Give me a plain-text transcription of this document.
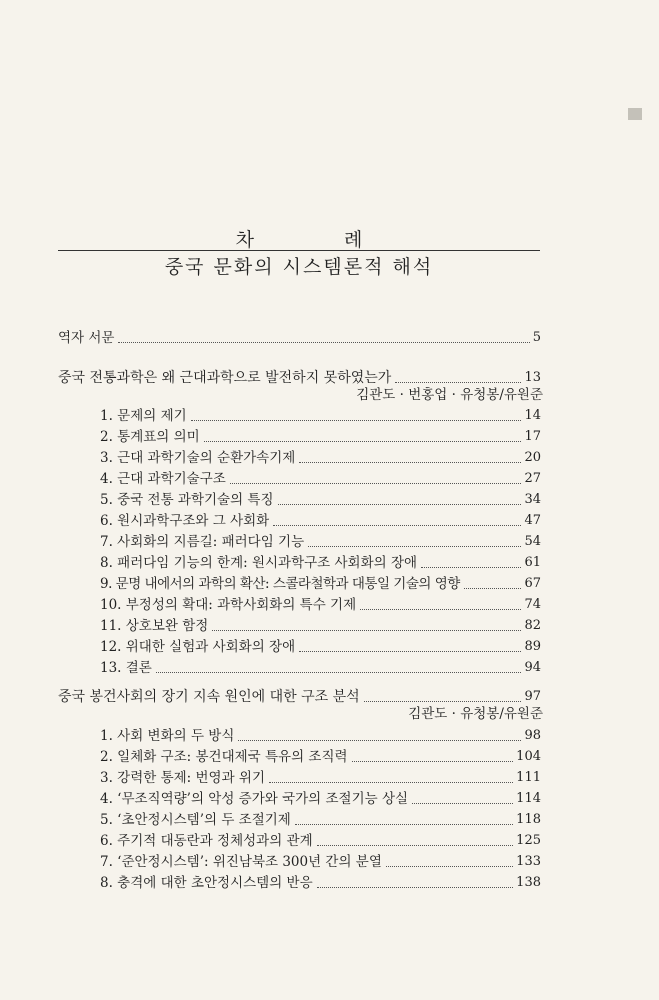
차 례
중국 문화의 시스템론적 해석
역자 서문	5
중국 전통과학은 왜 근대과학으로 발전하지 못하였는가	13
김관도 · 번홍업 · 유청봉/유원준
1. 문제의 제기	14
2. 통계표의 의미	17
3. 근대 과학기술의 순환가속기제	20
4. 근대 과학기술구조	27
5. 중국 전통 과학기술의 특징	34
6. 원시과학구조와 그 사회화	47
7. 사회화의 지름길: 패러다임 기능	54
8. 패러다임 기능의 한계: 원시과학구조 사회화의 장애	61
9. 문명 내에서의 과학의 확산: 스콜라철학과 대통일 기술의 영향	67
10. 부정성의 확대: 과학사회화의 특수 기제	74
11. 상호보완 함정	82
12. 위대한 실험과 사회화의 장애	89
13. 결론	94
중국 봉건사회의 장기 지속 원인에 대한 구조 분석	97
김관도 · 유청봉/유원준
1. 사회 변화의 두 방식	98
2. 일체화 구조: 봉건대제국 특유의 조직력	104
3. 강력한 통제: 번영과 위기	111
4. ‘무조직역량’의 악성 증가와 국가의 조절기능 상실	114
5. ‘초안정시스템’의 두 조절기제	118
6. 주기적 대동란과 정체성과의 관계	125
7. ‘준안정시스템’: 위진남북조 300년 간의 분열	133
8. 충격에 대한 초안정시스템의 반응	138
